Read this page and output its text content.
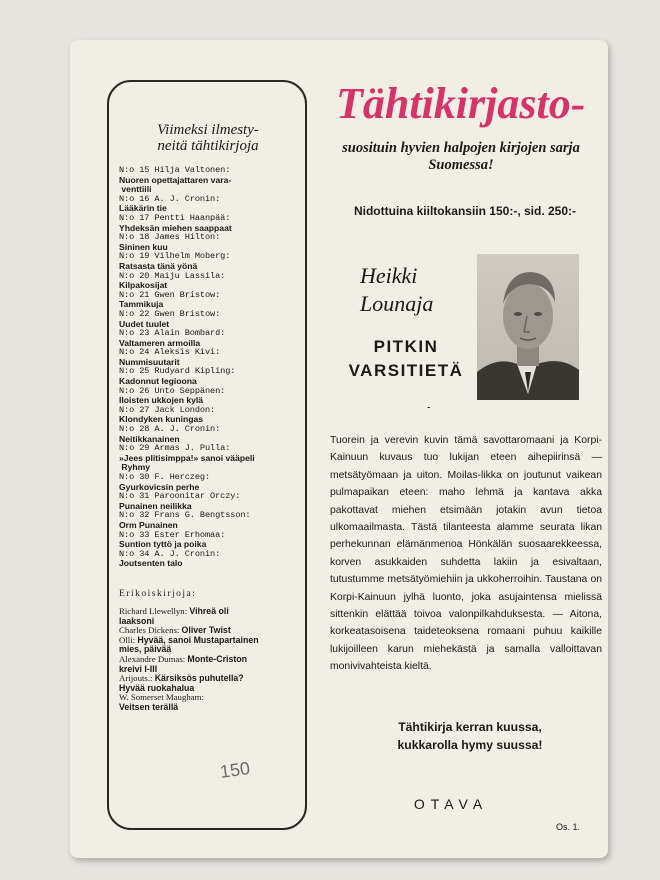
Viimeksi ilmesty-
neitä tähtikirjoja
N:o 15 Hilja Valtonen:
Nuoren opettajattaren vara-
venttiili
N:o 16 A. J. Cronin:
Lääkärin tie
N:o 17 Pentti Haanpää:
Yhdeksän miehen saappaat
N:o 18 James Hilton:
Sininen kuu
N:o 19 Vilhelm Moberg:
Ratsasta tänä yönä
N:o 20 Maiju Lassila:
Kilpakosijat
N:o 21 Gwen Bristow:
Tammikuja
N:o 22 Gwen Bristow:
Uudet tuulet
N:o 23 Alain Bombard:
Valtameren armoilla
N:o 24 Aleksis Kivi:
Nummisuutarit
N:o 25 Rudyard Kipling:
Kadonnut legioona
N:o 26 Unto Seppänen:
Iloisten ukkojen kylä
N:o 27 Jack London:
Klondyken kuningas
N:o 28 A. J. Cronin:
Neitikkanainen
N:o 29 Armas J. Pulla:
»Jees plitisimppa!» sanoi vääpeli
Ryhmy
N:o 30 F. Herczeg:
Gyurkovicsin perhe
N:o 31 Paroonitar Orczy:
Punainen neilikka
N:o 32 Frans G. Bengtsson:
Orm Punainen
N:o 33 Ester Erhomaa:
Suntion tyttö ja poika
N:o 34 A. J. Cronin:
Joutsenten talo
Erikoiskirjoja:
Richard Llewellyn: Vihreä oli
laaksoni
Charles Dickens: Oliver Twist
Olli: Hyvää, sanoi Mustapartainen
mies, päivää
Alexandre Dumas: Monte-Criston
kreivi I-III
Arijouts.: Kärsiksös puhutella?
Hyvää ruokahalua
W. Somerset Maugham:
Veitsen terällä
150
Tähtikirjasto-
suosituin hyvien halpojen kirjojen sarja Suomessa!
Nidottuina kiiltokansiin 150:-, sid. 250:-
Heikki
Lounaja
PITKIN
VARSITIETÄ
-
Tuorein ja verevin kuvin tämä savottaromaani ja Korpi-Kainuun kuvaus tuo lukijan eteen aihepiirinsä — metsätyömaan ja uiton. Moilas-likka on joutunut vaikean pulmapaikan eteen: maho lehmä ja kantava akka pakottavat miehen etsimään jotakin avun tietoa ulkomaailmasta. Tästä tilanteesta alamme seurata likan perhekunnan elämänmenoa Hönkälän suosaarekkeessa, korven asukkaiden suhdetta lakiin ja esivaltaan, tutustumme metsätyömiehiin ja ukkoherroihin. Taustana on Korpi-Kainuun jylhä luonto, joka asujaintensa mielissä sittenkin elättää toivoa valonpilkahduksesta. — Aitona, korkeatasoisena taideteoksena romaani puhuu kaikille lukijoilleen karun miehekästä ja samalla valloittavan monivivahteista kieltä.
Tähtikirja kerran kuussa,
kukkarolla hymy suussa!
OTAVA
Os. 1.
